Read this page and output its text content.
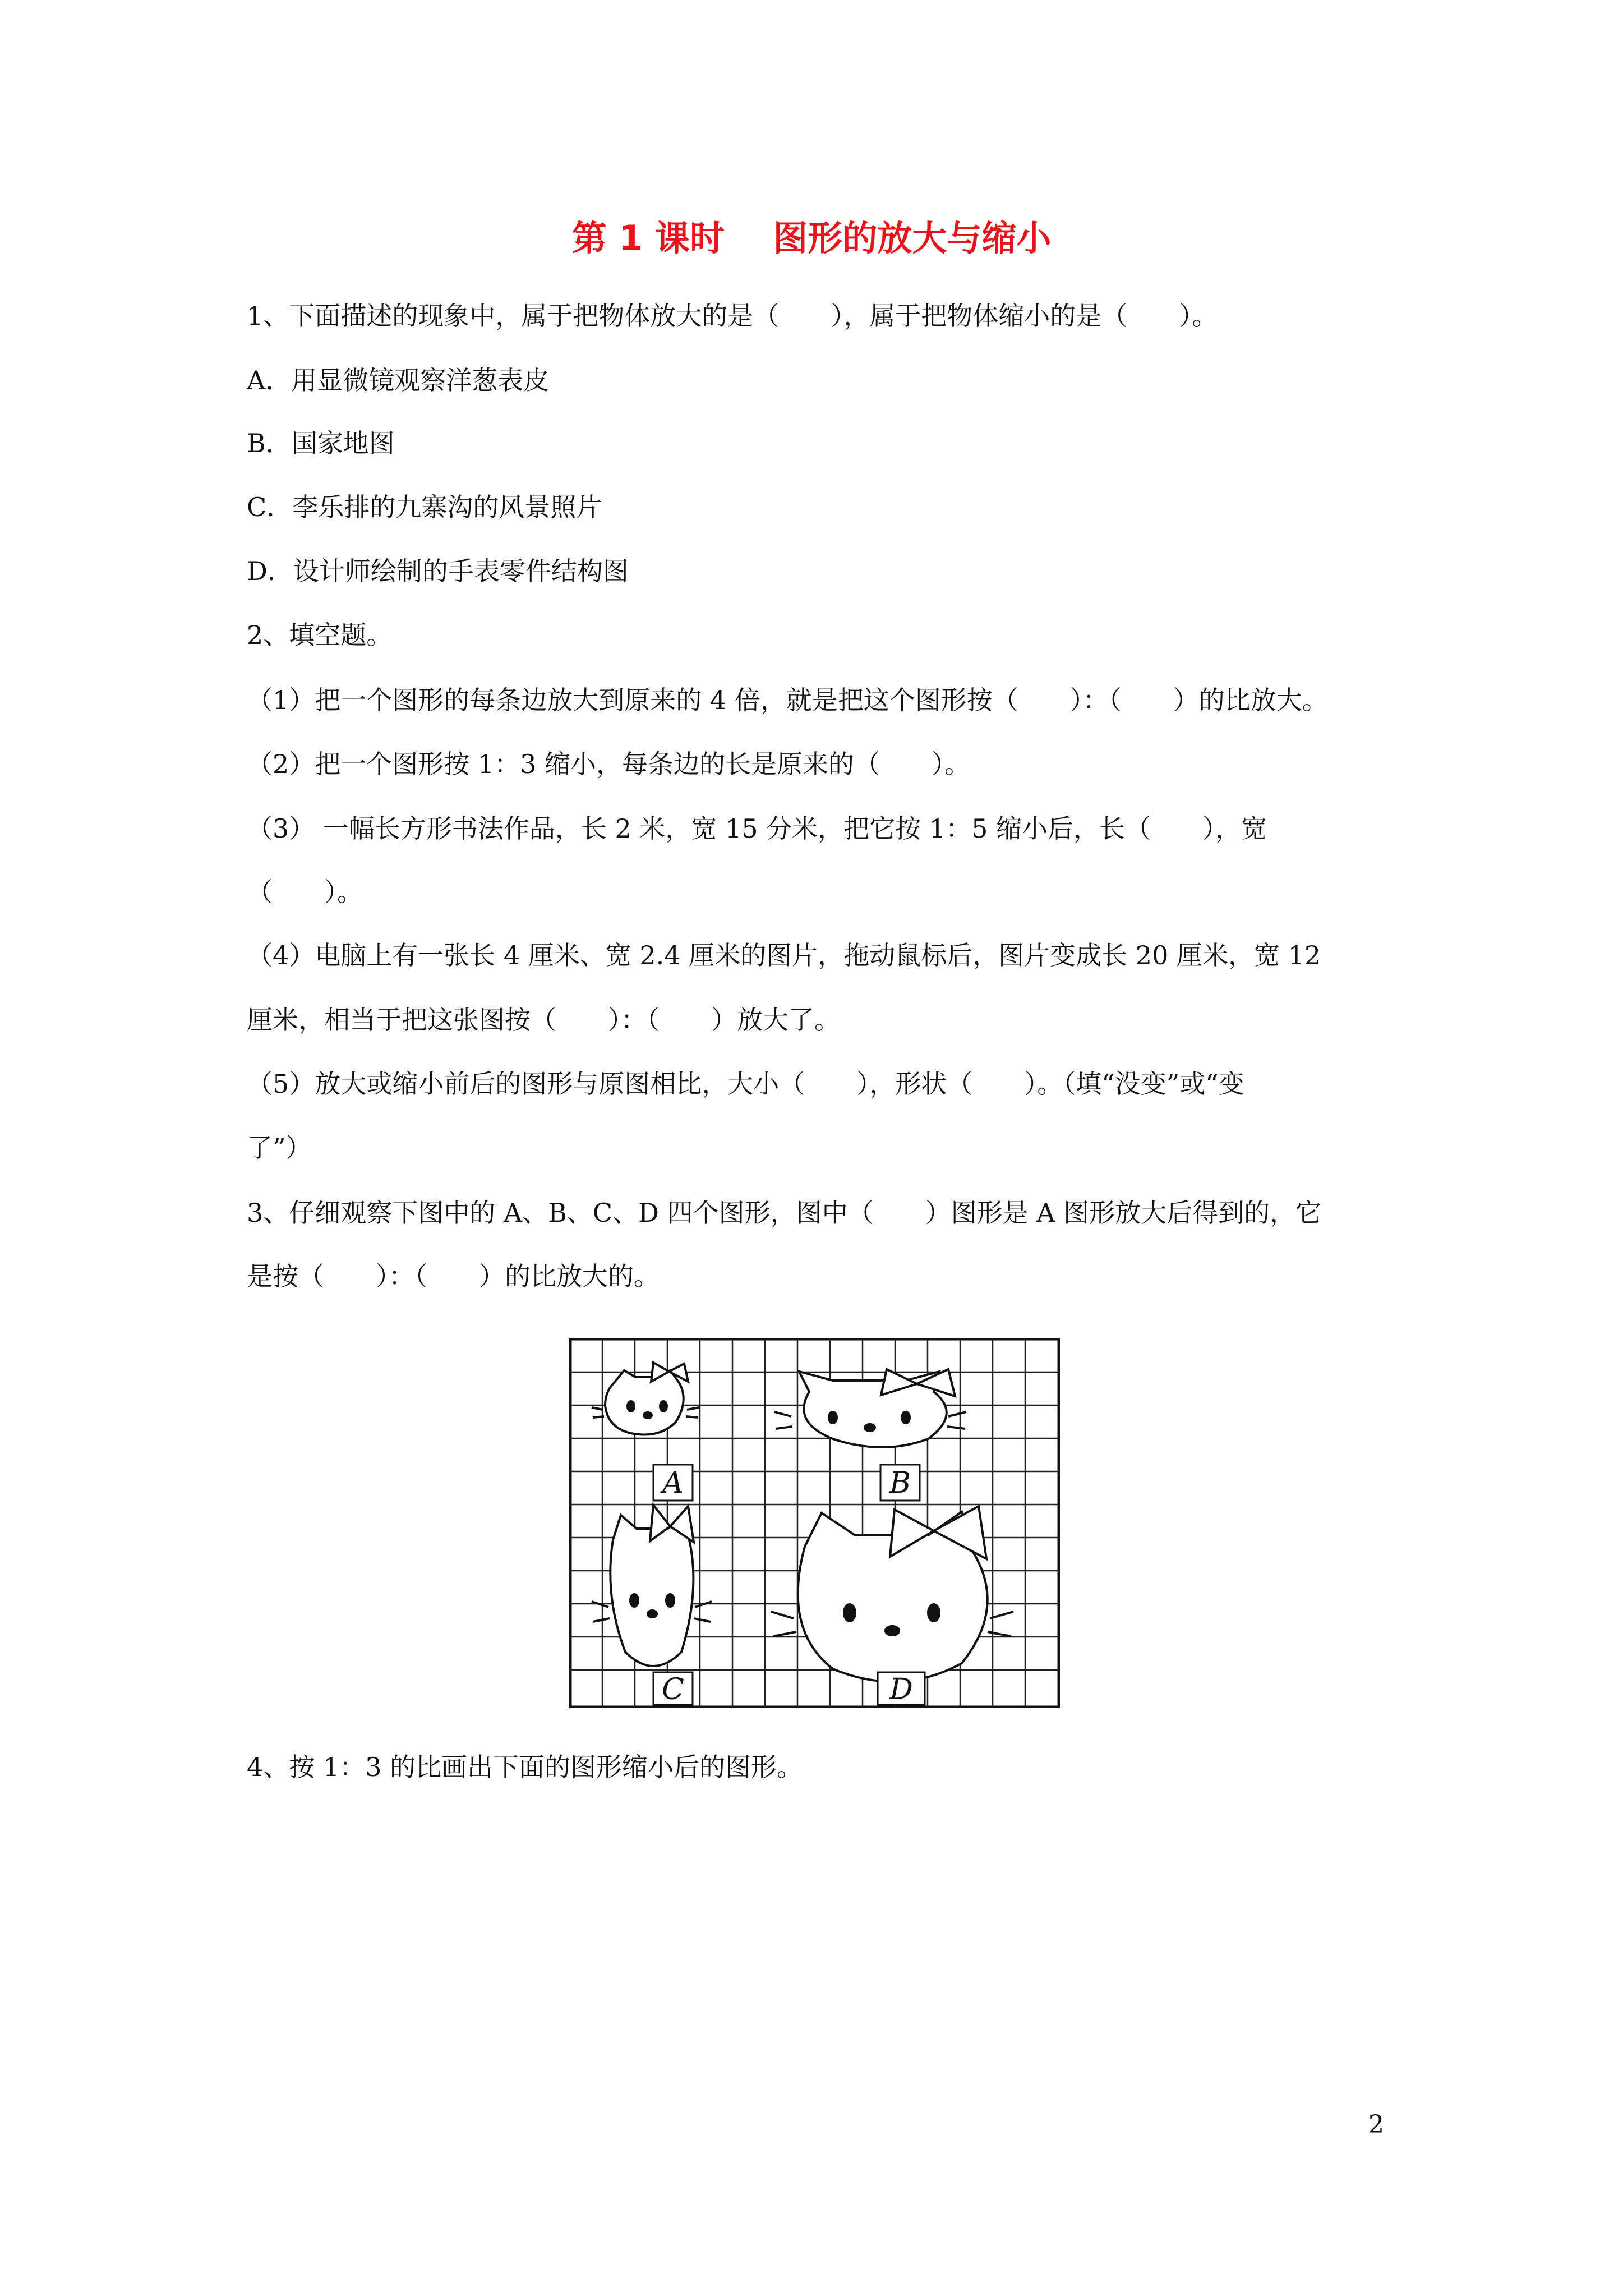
第 1 课时    图形的放大与缩小
1、下面描述的现象中，属于把物体放大的是（　　），属于把物体缩小的是（　　）。
A．用显微镜观察洋葱表皮
B．国家地图
C．李乐排的九寨沟的风景照片
D．设计师绘制的手表零件结构图
2、填空题。
（1）把一个图形的每条边放大到原来的 4 倍，就是把这个图形按（　　）：（　　）的比放大。
（2）把一个图形按 1：3 缩小，每条边的长是原来的（　　）。
（3） 一幅长方形书法作品，长 2 米，宽 15 分米，把它按 1：5 缩小后，长（　　），宽
（　　）。
（4）电脑上有一张长 4 厘米、宽 2.4 厘米的图片，拖动鼠标后，图片变成长 20 厘米，宽 12
厘米，相当于把这张图按（　　）：（　　）放大了。
（5）放大或缩小前后的图形与原图相比，大小（　　），形状（　　）。（填“没变”或“变
了”）
3、仔细观察下图中的 A、B、C、D 四个图形，图中（　　）图形是 A 图形放大后得到的，它
是按（　　）：（　　）的比放大的。
A	B
C	D
4、按 1：3 的比画出下面的图形缩小后的图形。
2
